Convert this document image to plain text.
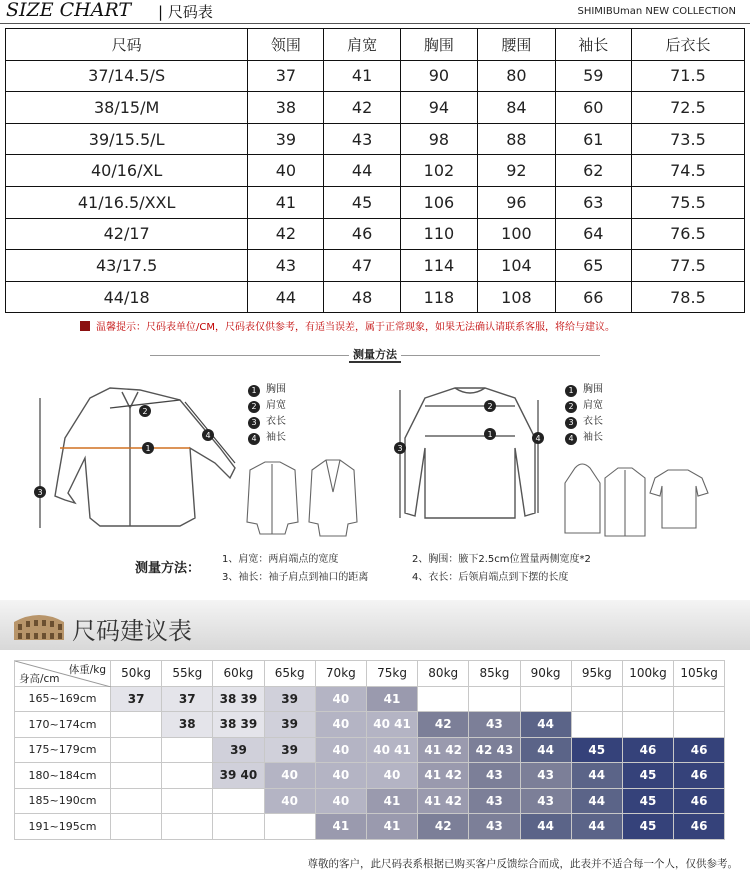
SIZE CHART | 尺码表	SHIMIBUman NEW COLLECTION
尺码	领围	肩宽	胸围	腰围	袖长	后衣长
37/14.5/S	37	41	90	80	59	71.5
38/15/M	38	42	94	84	60	72.5
39/15.5/L	39	43	98	88	61	73.5
40/16/XL	40	44	102	92	62	74.5
41/16.5/XXL	41	45	106	96	63	75.5
42/17	42	46	110	100	64	76.5
43/17.5	43	47	114	104	65	77.5
44/18	44	48	118	108	66	78.5
温馨提示：尺码表单位/CM，尺码表仅供参考，有适当误差，属于正常现象，如果无法确认请联系客服，将给与建议。
测量方法
1
2
3
4
1 胸围
2 肩宽
3 衣长
4 袖长
2
1
3
4
1 胸围
2 肩宽
3 衣长
4 袖长
测量方法：
1、肩宽：两肩端点的宽度	2、胸围：腋下2.5cm位置量两侧宽度*2
3、袖长：袖子肩点到袖口的距离	4、衣长：后领肩端点到下摆的长度
尺码建议表
体重/kg
身高/cm	50kg	55kg	60kg	65kg	70kg	75kg	80kg	85kg	90kg	95kg	100kg	105kg
165~169cm	37	37	38 39	39	40	41						
170~174cm		38	38 39	39	40	40 41	42	43	44			
175~179cm			39	39	40	40 41	41 42	42 43	44	45	46	46
180~184cm			39 40	40	40	40	41 42	43	43	44	45	46
185~190cm				40	40	41	41 42	43	43	44	45	46
191~195cm					41	41	42	43	44	44	45	46
尊敬的客户，此尺码表系根据已购买客户反馈综合而成，此表并不适合每一个人，仅供参考。
